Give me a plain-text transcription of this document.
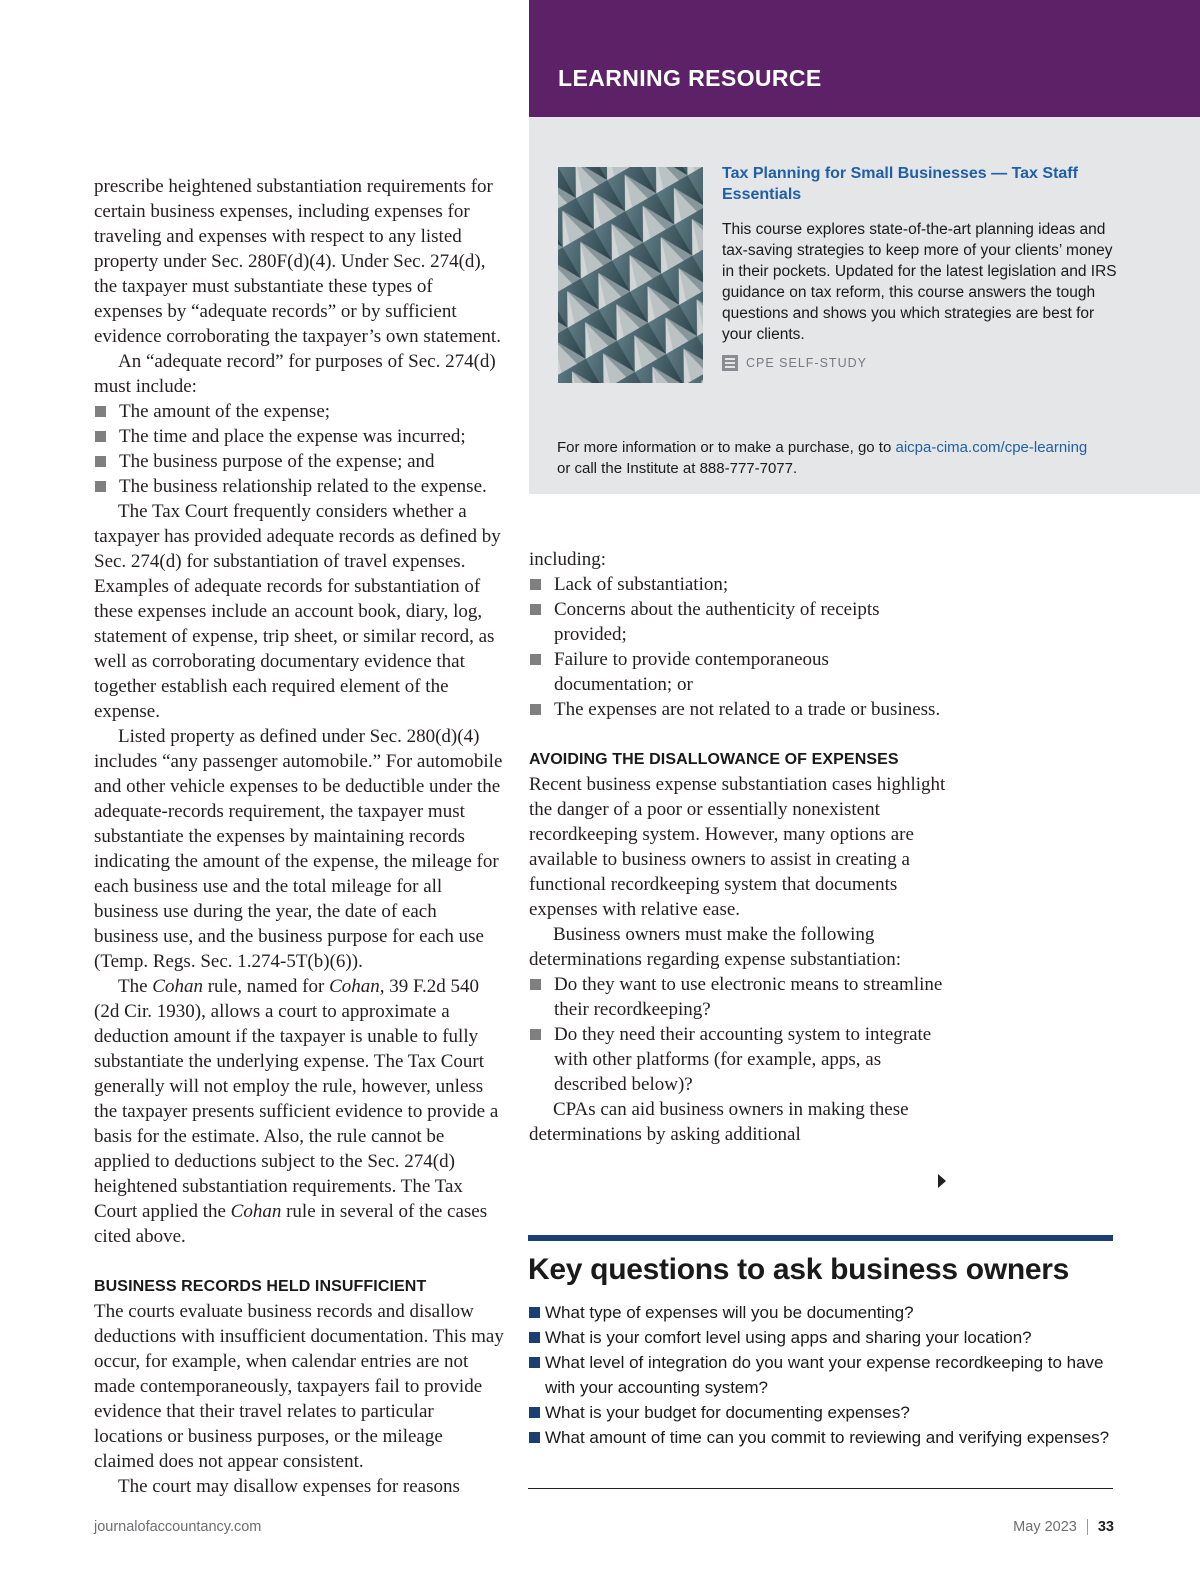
prescribe heightened substantiation requirements for certain business expenses, including expenses for traveling and expenses with respect to any listed property under Sec. 280F(d)(4). Under Sec. 274(d), the taxpayer must substantiate these types of expenses by “adequate records” or by sufficient evidence corroborating the taxpayer’s own statement.

An “adequate record” for purposes of Sec. 274(d) must include:

The amount of the expense;
The time and place the expense was incurred;
The business purpose of the expense; and
The business relationship related to the expense.

The Tax Court frequently considers whether a taxpayer has provided adequate records as defined by Sec. 274(d) for substantiation of travel expenses. Examples of adequate records for substantiation of these expenses include an account book, diary, log, statement of expense, trip sheet, or similar record, as well as corroborating documentary evidence that together establish each required element of the expense.

Listed property as defined under Sec. 280(d)(4) includes “any passenger automobile.” For automobile and other vehicle expenses to be deductible under the adequate-records requirement, the taxpayer must substantiate the expenses by maintaining records indicating the amount of the expense, the mileage for each business use and the total mileage for all business use during the year, the date of each business use, and the business purpose for each use (Temp. Regs. Sec. 1.274-5T(b)(6)).

The Cohan rule, named for Cohan, 39 F.2d 540 (2d Cir. 1930), allows a court to approximate a deduction amount if the taxpayer is unable to fully substantiate the underlying expense. The Tax Court generally will not employ the rule, however, unless the taxpayer presents sufficient evidence to provide a basis for the estimate. Also, the rule cannot be applied to deductions subject to the Sec. 274(d) heightened substantiation requirements. The Tax Court applied the Cohan rule in several of the cases cited above.

BUSINESS RECORDS HELD INSUFFICIENT

The courts evaluate business records and disallow deductions with insufficient documentation. This may occur, for example, when calendar entries are not made contemporaneously, taxpayers fail to provide evidence that their travel relates to particular locations or business purposes, or the mileage claimed does not appear consistent.

The court may disallow expenses for reasons

LEARNING RESOURCE
Tax Planning for Small Businesses — Tax Staff Essentials
This course explores state-of-the-art planning ideas and tax-saving strategies to keep more of your clients’ money in their pockets. Updated for the latest legislation and IRS guidance on tax reform, this course answers the tough questions and shows you which strategies are best for your clients.
CPE SELF-STUDY
For more information or to make a purchase, go to aicpa-cima.com/cpe-learning
or call the Institute at 888-777-7077.

including:

Lack of substantiation;
Concerns about the authenticity of receipts provided;
Failure to provide contemporaneous documentation; or
The expenses are not related to a trade or business.
AVOIDING THE DISALLOWANCE OF EXPENSES

Recent business expense substantiation cases highlight the danger of a poor or essentially nonexistent recordkeeping system. However, many options are available to business owners to assist in creating a functional recordkeeping system that documents expenses with relative ease.

Business owners must make the following determinations regarding expense substantiation:

Do they want to use electronic means to streamline their recordkeeping?
Do they need their accounting system to integrate with other platforms (for example, apps, as described below)?

CPAs can aid business owners in making these determinations by asking additional

Key questions to ask business owners
What type of expenses will you be documenting?
What is your comfort level using apps and sharing your location?
What level of integration do you want your expense recordkeeping to have with your accounting system?
What is your budget for documenting expenses?
What amount of time can you commit to reviewing and verifying expenses?
journalofaccountancy.com	May 2023 33
